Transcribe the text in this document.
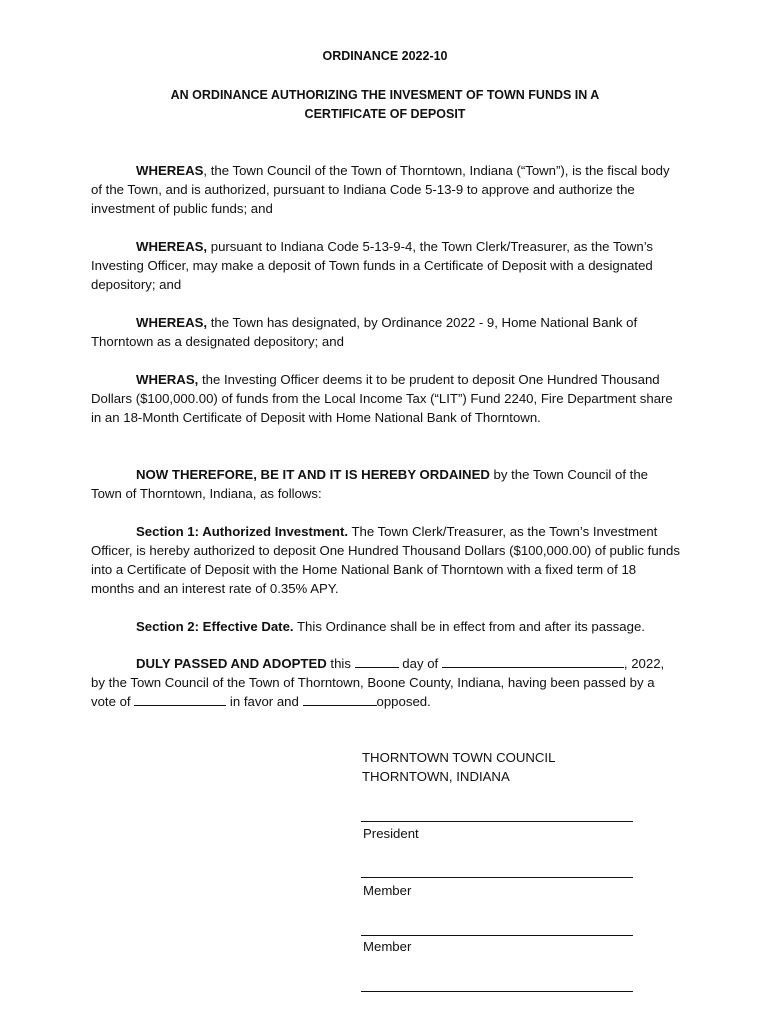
ORDINANCE 2022-10
AN ORDINANCE AUTHORIZING THE INVESMENT OF TOWN FUNDS IN A
CERTIFICATE OF DEPOSIT
WHEREAS, the Town Council of the Town of Thorntown, Indiana (“Town”), is the fiscal body of the Town, and is authorized, pursuant to Indiana Code 5-13-9 to approve and authorize the investment of public funds; and
WHEREAS, pursuant to Indiana Code 5-13-9-4, the Town Clerk/Treasurer, as the Town’s Investing Officer, may make a deposit of Town funds in a Certificate of Deposit with a designated depository; and
WHEREAS, the Town has designated, by Ordinance 2022 - 9, Home National Bank of Thorntown as a designated depository; and
WHERAS, the Investing Officer deems it to be prudent to deposit One Hundred Thousand Dollars ($100,000.00) of funds from the Local Income Tax (“LIT”) Fund 2240, Fire Department share in an 18-Month Certificate of Deposit with Home National Bank of Thorntown.
NOW THEREFORE, BE IT AND IT IS HEREBY ORDAINED by the Town Council of the Town of Thorntown, Indiana, as follows:
Section 1: Authorized Investment. The Town Clerk/Treasurer, as the Town’s Investment Officer, is hereby authorized to deposit One Hundred Thousand Dollars ($100,000.00) of public funds into a Certificate of Deposit with the Home National Bank of Thorntown with a fixed term of 18 months and an interest rate of 0.35% APY.
Section 2: Effective Date. This Ordinance shall be in effect from and after its passage.
DULY PASSED AND ADOPTED this	day of	, 2022, by the Town Council of the Town of Thorntown, Boone County, Indiana, having been passed by a vote of	in favor and	opposed.
THORNTOWN TOWN COUNCIL
THORNTOWN, INDIANA
President
Member
Member
